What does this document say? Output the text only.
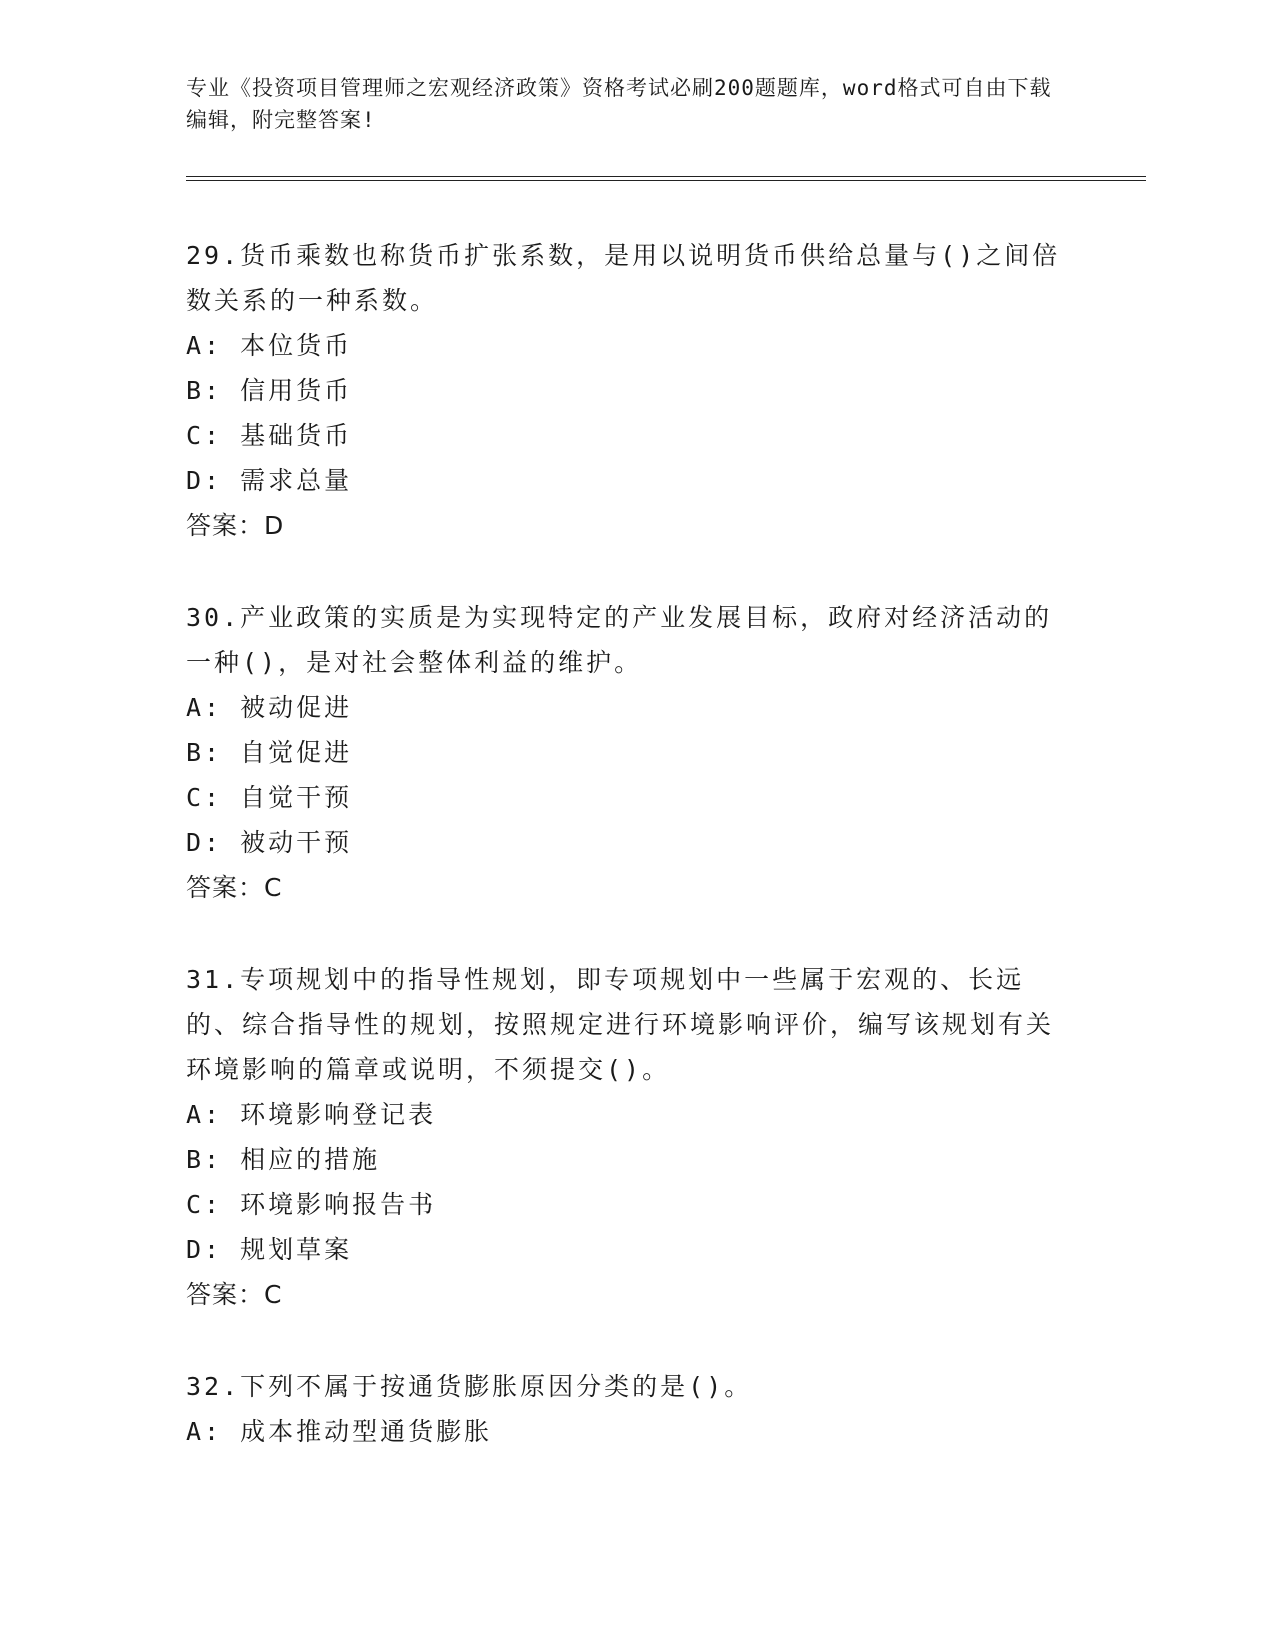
专业《投资项目管理师之宏观经济政策》资格考试必刷200题题库，word格式可自由下载编辑，附完整答案!

29.货币乘数也称货币扩张系数，是用以说明货币供给总量与()之间倍数关系的一种系数。

A: 本位货币

B: 信用货币

C: 基础货币

D: 需求总量

答案：D

30.产业政策的实质是为实现特定的产业发展目标，政府对经济活动的一种()，是对社会整体利益的维护。

A: 被动促进

B: 自觉促进

C: 自觉干预

D: 被动干预

答案：C

31.专项规划中的指导性规划，即专项规划中一些属于宏观的、长远的、综合指导性的规划，按照规定进行环境影响评价，编写该规划有关环境影响的篇章或说明，不须提交()。

A: 环境影响登记表

B: 相应的措施

C: 环境影响报告书

D: 规划草案

答案：C

32.下列不属于按通货膨胀原因分类的是()。

A: 成本推动型通货膨胀
